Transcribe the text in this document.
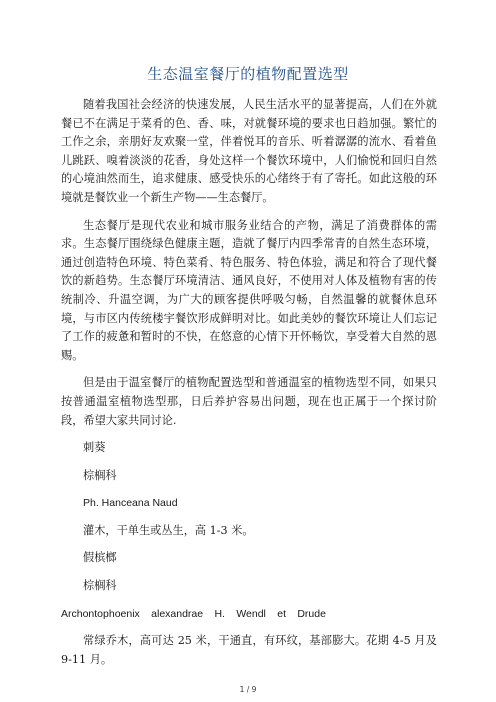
生态温室餐厅的植物配置选型

随着我国社会经济的快速发展，人民生活水平的显著提高，人们在外就餐已不在满足于菜肴的色、香、味，对就餐环境的要求也日趋加强。繁忙的工作之余，亲朋好友欢聚一堂，伴着悦耳的音乐、听着潺潺的流水、看着鱼儿跳跃、嗅着淡淡的花香，身处这样一个餐饮环境中，人们愉悦和回归自然的心境油然而生，追求健康、感受快乐的心绪终于有了寄托。如此这般的环境就是餐饮业一个新生产物——生态餐厅。

生态餐厅是现代农业和城市服务业结合的产物，满足了消费群体的需求。生态餐厅围绕绿色健康主题，造就了餐厅内四季常青的自然生态环境，通过创造特色环境、特色菜肴、特色服务、特色体验，满足和符合了现代餐饮的新趋势。生态餐厅环境清洁、通风良好，不使用对人体及植物有害的传统制冷、升温空调，为广大的顾客提供呼吸匀畅，自然温馨的就餐休息环境，与市区内传统楼宇餐饮形成鲜明对比。如此美妙的餐饮环境让人们忘记了工作的疲惫和暂时的不快，在悠意的心情下开怀畅饮，享受着大自然的恩赐。

但是由于温室餐厅的植物配置选型和普通温室的植物选型不同，如果只按普通温室植物选型那，日后养护容易出问题，现在也正属于一个探讨阶段，希望大家共同讨论.

刺葵

棕榈科

Ph. Hanceana Naud

灌木，干单生或丛生，高 1-3 米。

假槟榔

棕榈科

Archontophoenix alexandrae H. Wendl et Drude

常绿乔木，高可达 25 米，干通直，有环纹，基部膨大。花期 4-5 月及 9-11 月。

1 / 9
